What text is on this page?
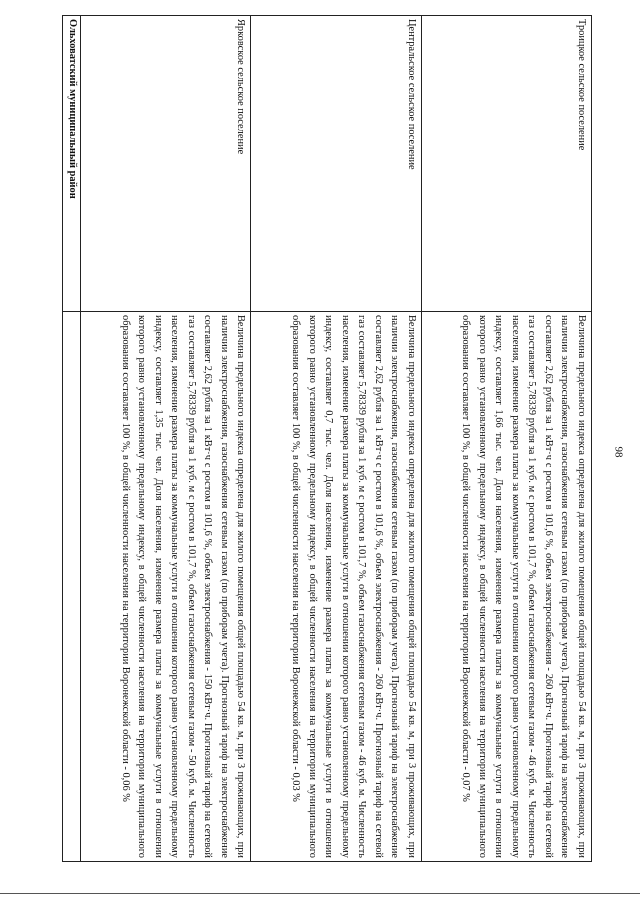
98
Троицкое сельское поселение	Величина предельного индекса определена для жилого помещения общей площадью 54 кв. м, при 3 проживающих, при наличии электроснабжения, газоснабжения сетевым газом (по приборам учета). Прогнозный тариф на электроснабжение составляет 2,62 рубля за 1 кВт·ч с ростом в 101,6 %, объем электроснабжения - 260 кВт·ч. Прогнозный тариф на сетевой газ составляет 5,78339 рубля за 1 куб. м с ростом в 101,7 %, объем газоснабжения сетевым газом - 46 куб. м. Численность населения, изменение размера платы за коммунальные услуги в отношении которого равно установленному предельному индексу, составляет 1,66 тыс. чел. Доля населения, изменение размера платы за коммунальные услуги в отношении которого равно установленному предельному индексу, в общей численности населения на территории муниципального образования составляет 100 %, в общей численности населения на территории Воронежской области - 0,07 %
Центральское сельское поселение	Величина предельного индекса определена для жилого помещения общей площадью 54 кв. м, при 3 проживающих, при наличии электроснабжения, газоснабжения сетевым газом (по приборам учета). Прогнозный тариф на электроснабжение составляет 2,62 рубля за 1 кВт·ч с ростом в 101,6 %, объем электроснабжения - 260 кВт·ч. Прогнозный тариф на сетевой газ составляет 5,78339 рубля за 1 куб. м с ростом в 101,7 %, объем газоснабжения сетевым газом - 46 куб. м. Численность населения, изменение размера платы за коммунальные услуги в отношении которого равно установленному предельному индексу, составляет 0,7 тыс. чел. Доля населения, изменение размера платы за коммунальные услуги в отношении которого равно установленному предельному индексу, в общей численности населения на территории муниципального образования составляет 100 %, в общей численности населения на территории Воронежской области - 0,03 %
Ярковское сельское поселение	Величина предельного индекса определена для жилого помещения общей площадью 54 кв. м, при 3 проживающих, при наличии электроснабжения, газоснабжения сетевым газом (по приборам учета). Прогнозный тариф на электроснабжение составляет 2,62 рубля за 1 кВт·ч с ростом в 101,6 %, объем электроснабжения - 150 кВт·ч. Прогнозный тариф на сетевой газ составляет 5,78339 рубля за 1 куб. м с ростом в 101,7 %, объем газоснабжения сетевым газом - 50 куб. м. Численность населения, изменение размера платы за коммунальные услуги в отношении которого равно установленному предельному индексу, составляет 1,35 тыс. чел. Доля населения, изменение размера платы за коммунальные услуги в отношении которого равно установленному предельному индексу, в общей численности населения на территории муниципального образования составляет 100 %, в общей численности населения на территории Воронежской области - 0,06 %
Ольховатский муниципальный район	
